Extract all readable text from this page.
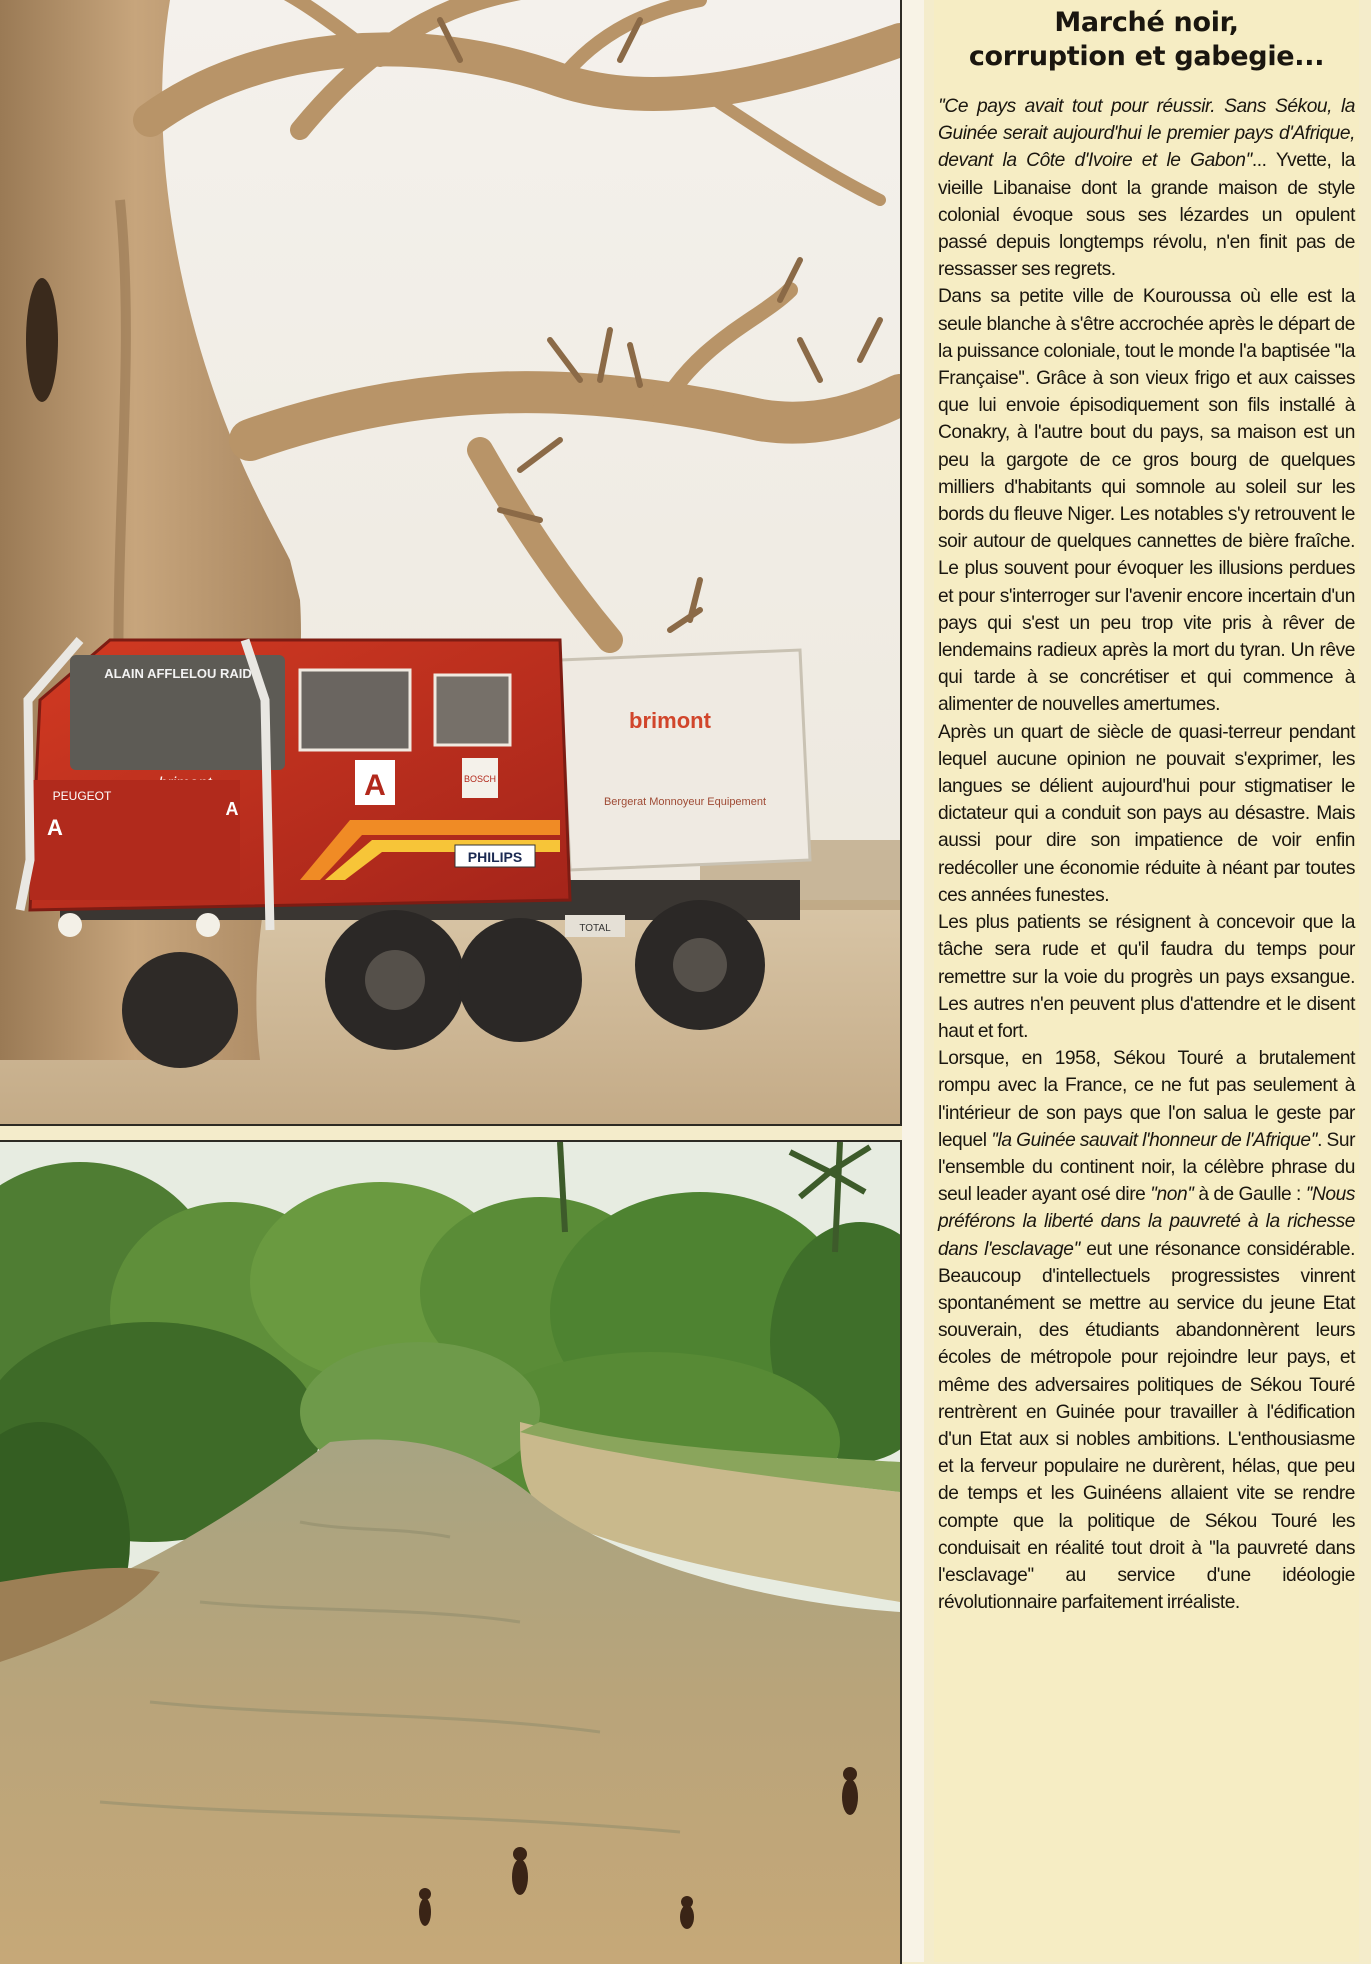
brimont
Bergerat Monnoyeur Equipement
ALAIN AFFLELOU RAID
A	BOSCH
PHILIPS
PEUGEOT
A
A
TOTAL
Marché noir,
corruption et gabegie...

''Ce pays avait tout pour réussir. Sans Sékou, la Guinée serait aujourd'hui le premier pays d'Afrique, devant la Côte d'Ivoire et le Gabon''... Yvette, la vieille Libanaise dont la grande maison de style colonial évoque sous ses lézardes un opulent passé depuis longtemps révolu, n'en finit pas de ressasser ses regrets.

Dans sa petite ville de Kouroussa où elle est la seule blanche à s'être accrochée après le départ de la puissance coloniale, tout le monde l'a baptisée ''la Française''. Grâce à son vieux frigo et aux caisses que lui envoie épisodiquement son fils installé à Conakry, à l'autre bout du pays, sa maison est un peu la gargote de ce gros bourg de quelques milliers d'habitants qui somnole au soleil sur les bords du fleuve Niger. Les notables s'y retrouvent le soir autour de quelques cannettes de bière fraîche. Le plus souvent pour évoquer les illusions perdues et pour s'interroger sur l'avenir encore incertain d'un pays qui s'est un peu trop vite pris à rêver de lendemains radieux après la mort du tyran. Un rêve qui tarde à se concrétiser et qui commence à alimenter de nouvelles amertumes.

Après un quart de siècle de quasi-terreur pendant lequel aucune opinion ne pouvait s'exprimer, les langues se délient aujourd'hui pour stigmatiser le dictateur qui a conduit son pays au désastre. Mais aussi pour dire son impatience de voir enfin redécoller une économie réduite à néant par toutes ces années funestes.

Les plus patients se résignent à concevoir que la tâche sera rude et qu'il faudra du temps pour remettre sur la voie du progrès un pays exsangue. Les autres n'en peuvent plus d'attendre et le disent haut et fort.

Lorsque, en 1958, Sékou Touré a brutalement rompu avec la France, ce ne fut pas seulement à l'intérieur de son pays que l'on salua le geste par lequel ''la Guinée sauvait l'honneur de l'Afrique''. Sur l'ensemble du continent noir, la célèbre phrase du seul leader ayant osé dire ''non'' à de Gaulle : ''Nous préférons la liberté dans la pauvreté à la richesse dans l'esclavage'' eut une résonance considérable. Beaucoup d'intellectuels progressistes vinrent spontanément se mettre au service du jeune Etat souverain, des étudiants abandonnèrent leurs écoles de métropole pour rejoindre leur pays, et même des adversaires politiques de Sékou Touré rentrèrent en Guinée pour travailler à l'édification d'un Etat aux si nobles ambitions. L'enthousiasme et la ferveur populaire ne durèrent, hélas, que peu de temps et les Guinéens allaient vite se rendre compte que la politique de Sékou Touré les conduisait en réalité tout droit à ''la pauvreté dans l'esclavage'' au service d'une idéologie révolutionnaire parfaitement irréaliste.
